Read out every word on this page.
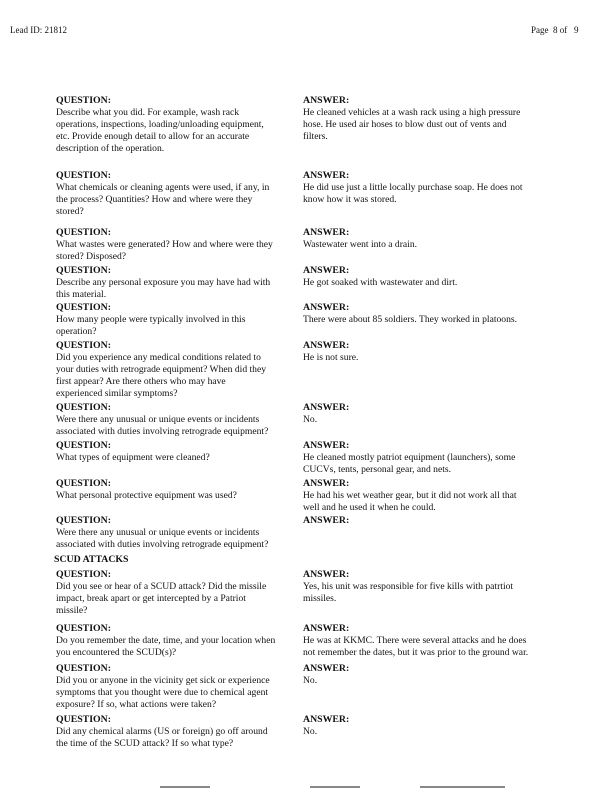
Lead ID: 21812	Page  8 of   9
QUESTION:
Describe what you did. For example, wash rack
operations, inspections, loading/unloading equipment,
etc. Provide enough detail to allow for an accurate
description of the operation.
ANSWER:
He cleaned vehicles at a wash rack using a high pressure
hose. He used air hoses to blow dust out of vents and
filters.
QUESTION:
What chemicals or cleaning agents were used, if any, in
the process? Quantities? How and where were they
stored?
ANSWER:
He did use just a little locally purchase soap. He does not
know how it was stored.
QUESTION:
What wastes were generated? How and where were they
stored? Disposed?
ANSWER:
Wastewater went into a drain.
QUESTION:
Describe any personal exposure you may have had with
this material.
ANSWER:
He got soaked with wastewater and dirt.
QUESTION:
How many people were typically involved in this
operation?
ANSWER:
There were about 85 soldiers. They worked in platoons.
QUESTION:
Did you experience any medical conditions related to
your duties with retrograde equipment? When did they
first appear? Are there others who may have
experienced similar symptoms?
ANSWER:
He is not sure.
QUESTION:
Were there any unusual or unique events or incidents
associated with duties involving retrograde equipment?
ANSWER:
No.
QUESTION:
What types of equipment were cleaned?
ANSWER:
He cleaned mostly patriot equipment (launchers), some
CUCVs, tents, personal gear, and nets.
QUESTION:
What personal protective equipment was used?
ANSWER:
He had his wet weather gear, but it did not work all that
well and he used it when he could.
QUESTION:
Were there any unusual or unique events or incidents
associated with duties involving retrograde equipment?
ANSWER:
QUESTION:
Did you see or hear of a SCUD attack? Did the missile
impact, break apart or get intercepted by a Patriot
missile?
ANSWER:
Yes, his unit was responsible for five kills with patrtiot
missiles.
QUESTION:
Do you remember the date, time, and your location when
you encountered the SCUD(s)?
ANSWER:
He was at KKMC. There were several attacks and he does
not remember the dates, but it was prior to the ground war.
QUESTION:
Did you or anyone in the vicinity get sick or experience
symptoms that you thought were due to chemical agent
exposure? If so, what actions were taken?
ANSWER:
No.
QUESTION:
Did any chemical alarms (US or foreign) go off around
the time of the SCUD attack? If so what type?
ANSWER:
No.
SCUD ATTACKS
